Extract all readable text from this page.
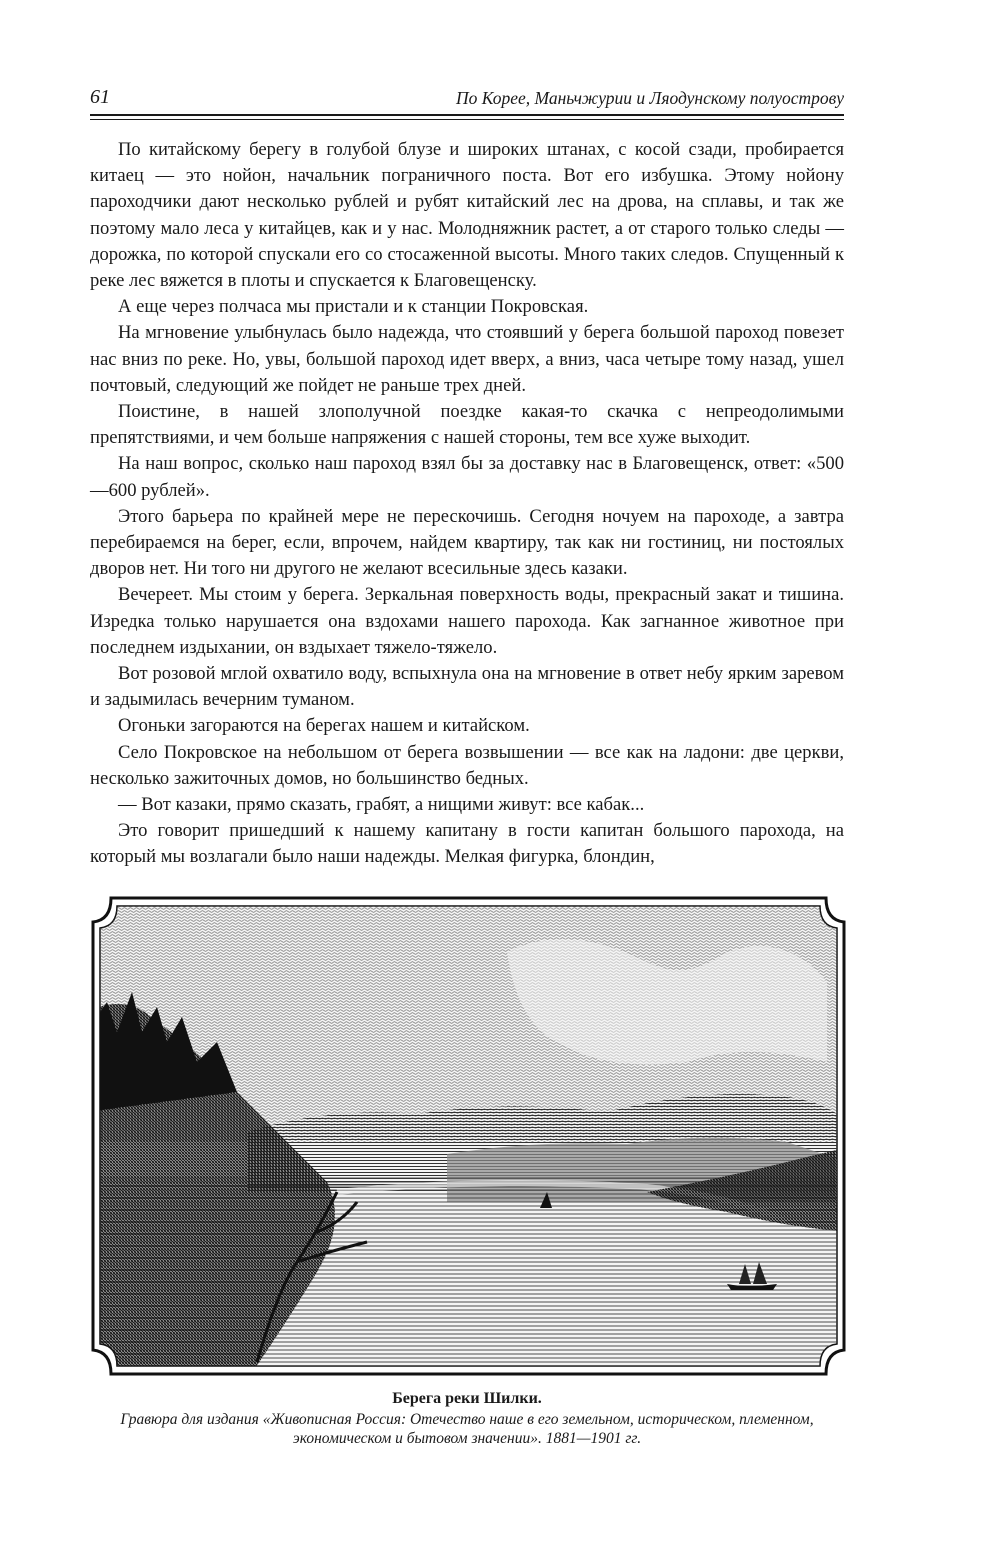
61	По Корее, Маньчжурии и Ляодунскому полуострову

По китайскому берегу в голубой блузе и широких штанах, с косой сзади, пробирается китаец — это нойон, начальник пограничного поста. Вот его избушка. Этому нойону пароходчики дают несколько рублей и рубят китайский лес на дрова, на сплавы, и так же поэтому мало леса у китайцев, как и у нас. Молодняжник растет, а от старого только следы — дорожка, по которой спускали его со стосаженной высоты. Много таких следов. Спущенный к реке лес вяжется в плоты и спускается к Благовещенску.

А еще через полчаса мы пристали и к станции Покровская.

На мгновение улыбнулась было надежда, что стоявший у берега большой пароход повезет нас вниз по реке. Но, увы, большой пароход идет вверх, а вниз, часа четыре тому назад, ушел почтовый, следующий же пойдет не раньше трех дней.

Поистине, в нашей злополучной поездке какая-то скачка с непреодолимыми препятствиями, и чем больше напряжения с нашей стороны, тем все хуже выходит.

На наш вопрос, сколько наш пароход взял бы за доставку нас в Благовещенск, ответ: «500—600 рублей».

Этого барьера по крайней мере не перескочишь. Сегодня ночуем на пароходе, а завтра перебираемся на берег, если, впрочем, найдем квартиру, так как ни гостиниц, ни постоялых дворов нет. Ни того ни другого не желают всесильные здесь казаки.

Вечереет. Мы стоим у берега. Зеркальная поверхность воды, прекрасный закат и тишина. Изредка только нарушается она вздохами нашего парохода. Как загнанное животное при последнем издыхании, он вздыхает тяжело-тяжело.

Вот розовой мглой охватило воду, вспыхнула она на мгновение в ответ небу ярким заревом и задымилась вечерним туманом.

Огоньки загораются на берегах нашем и китайском.

Село Покровское на небольшом от берега возвышении — все как на ладони: две церкви, несколько зажиточных домов, но большинство бедных.

— Вот казаки, прямо сказать, грабят, а нищими живут: все кабак...

Это говорит пришедший к нашему капитану в гости капитан большого парохода, на который мы возлагали было наши надежды. Мелкая фигурка, блондин,

Берега реки Шилки.
Гравюра для издания «Живописная Россия: Отечество наше в его земельном, историческом, племенном, экономическом и бытовом значении». 1881—1901 гг.
